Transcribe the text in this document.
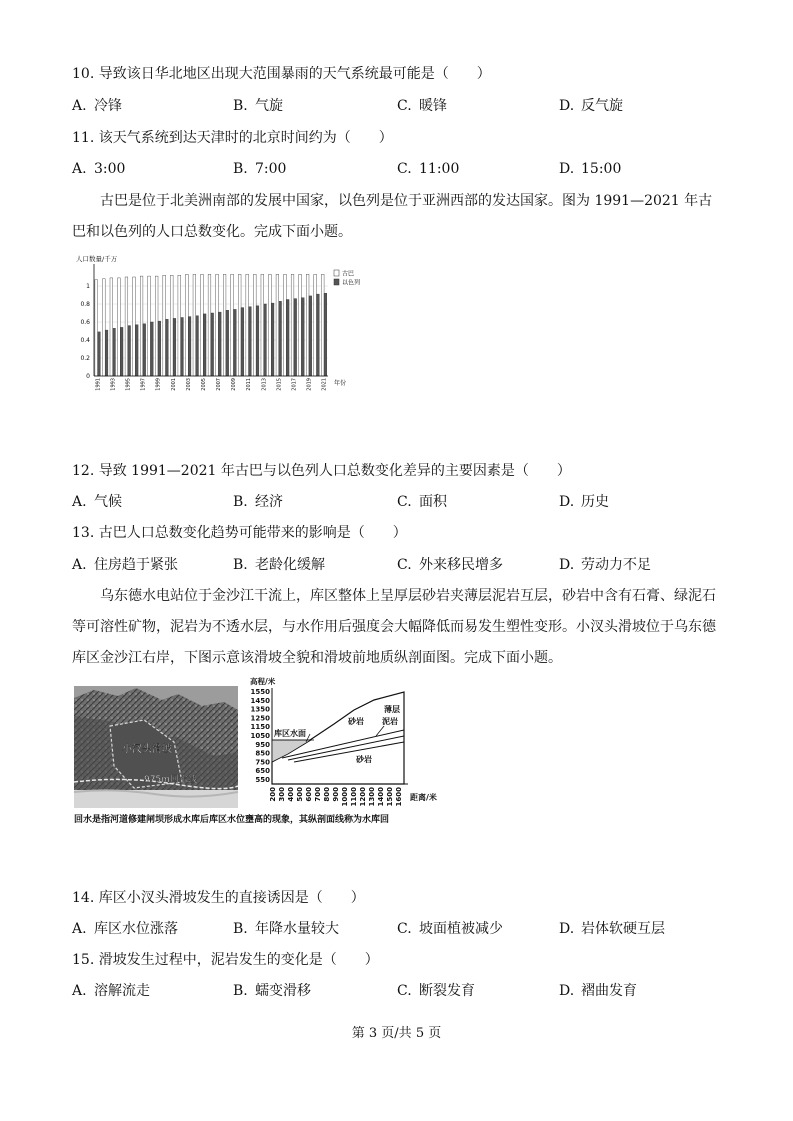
10. 导致该日华北地区出现大范围暴雨的天气系统最可能是（　　）
A. 冷锋	B. 气旋	C. 暖锋	D. 反气旋
11. 该天气系统到达天津时的北京时间约为（　　）
A. 3:00	B. 7:00	C. 11:00	D. 15:00
古巴是位于北美洲南部的发展中国家，以色列是位于亚洲西部的发达国家。图为 1991—2021 年古巴和以色列的人口总数变化。完成下面小题。
人口数量/千万
0
0.2
0.4
0.6
0.8
1
1991 1993 1995 1997 1999 2001 2003 2005 2007 2009 2011 2013 2015 2017 2019 2021
古巴
以色列
年份
12. 导致 1991—2021 年古巴与以色列人口总数变化差异的主要因素是（　　）
A. 气候	B. 经济	C. 面积	D. 历史
13. 古巴人口总数变化趋势可能带来的影响是（　　）
A. 住房趋于紧张	B. 老龄化缓解	C. 外来移民增多	D. 劳动力不足
乌东德水电站位于金沙江干流上，库区整体上呈厚层砂岩夹薄层泥岩互层，砂岩中含有石膏、绿泥石等可溶性矿物，泥岩为不透水层，与水作用后强度会大幅降低而易发生塑性变形。小汊头滑坡位于乌东德库区金沙江右岸，下图示意该滑坡全貌和滑坡前地质纵剖面图。完成下面小题。
小汊头滑坡
975m回水线
高程/米
1550
1450
1350
1250
1150
1050
950
850
750
650
550
库区水面
砂岩
薄层
泥岩
砂岩
200 300 400 500 600 700 800 900 1000 1100 1200 1300 1400 1500 1600 距离/米
回水是指河道修建闸坝形成水库后库区水位壅高的现象，其纵剖面线称为水库回
14. 库区小汊头滑坡发生的直接诱因是（　　）
A. 库区水位涨落	B. 年降水量较大	C. 坡面植被减少	D. 岩体软硬互层
15. 滑坡发生过程中，泥岩发生的变化是（　　）
A. 溶解流走	B. 蠕变滑移	C. 断裂发育	D. 褶曲发育
第 3 页/共 5 页
